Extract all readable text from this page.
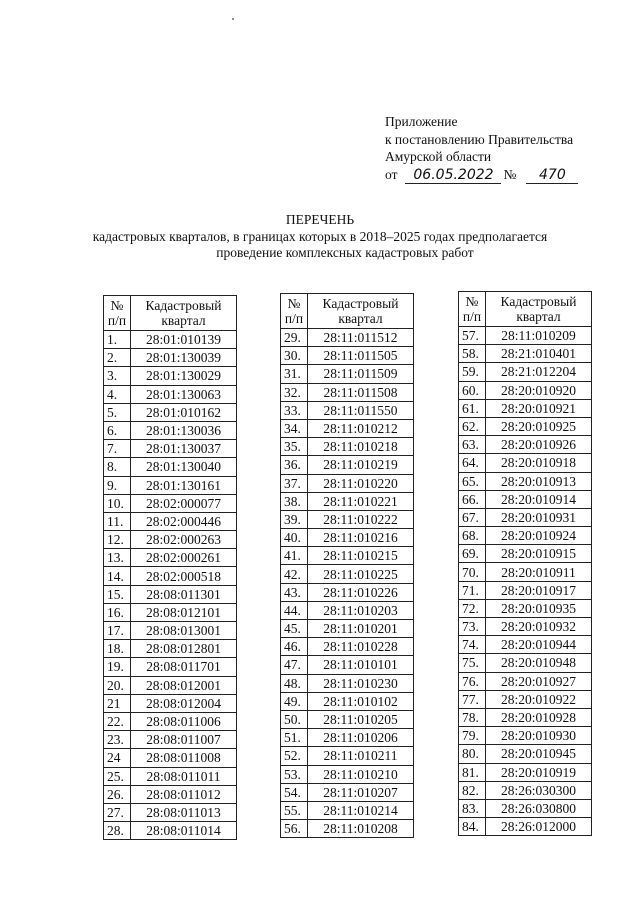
Приложение
к постановлению Правительства
Амурской области
от 06.05.2022 № 470
ПЕРЕЧЕНЬ
кадастровых кварталов, в границах которых в 2018–2025 годах предполагается
проведение комплексных кадастровых работ
№ п/п	Кадастровый квартал
1.	28:01:010139
2.	28:01:130039
3.	28:01:130029
4.	28:01:130063
5.	28:01:010162
6.	28:01:130036
7.	28:01:130037
8.	28:01:130040
9.	28:01:130161
10.	28:02:000077
11.	28:02:000446
12.	28:02:000263
13.	28:02:000261
14.	28:02:000518
15.	28:08:011301
16.	28:08:012101
17.	28:08:013001
18.	28:08:012801
19.	28:08:011701
20.	28:08:012001
21	28:08:012004
22.	28:08:011006
23.	28:08:011007
24	28:08:011008
25.	28:08:011011
26.	28:08:011012
27.	28:08:011013
28.	28:08:011014
№ п/п	Кадастровый квартал
29.	28:11:011512
30.	28:11:011505
31.	28:11:011509
32.	28:11:011508
33.	28:11:011550
34.	28:11:010212
35.	28:11:010218
36.	28:11:010219
37.	28:11:010220
38.	28:11:010221
39.	28:11:010222
40.	28:11:010216
41.	28:11:010215
42.	28:11:010225
43.	28:11:010226
44.	28:11:010203
45.	28:11:010201
46.	28:11:010228
47.	28:11:010101
48.	28:11:010230
49.	28:11:010102
50.	28:11:010205
51.	28:11:010206
52.	28:11:010211
53.	28:11:010210
54.	28:11:010207
55.	28:11:010214
56.	28:11:010208
№ п/п	Кадастровый квартал
57.	28:11:010209
58.	28:21:010401
59.	28:21:012204
60.	28:20:010920
61.	28:20:010921
62.	28:20:010925
63.	28:20:010926
64.	28:20:010918
65.	28:20:010913
66.	28:20:010914
67.	28:20:010931
68.	28:20:010924
69.	28:20:010915
70.	28:20:010911
71.	28:20:010917
72.	28:20:010935
73.	28:20:010932
74.	28:20:010944
75.	28:20:010948
76.	28:20:010927
77.	28:20:010922
78.	28:20:010928
79.	28:20:010930
80.	28:20:010945
81.	28:20:010919
82.	28:26:030300
83.	28:26:030800
84.	28:26:012000
